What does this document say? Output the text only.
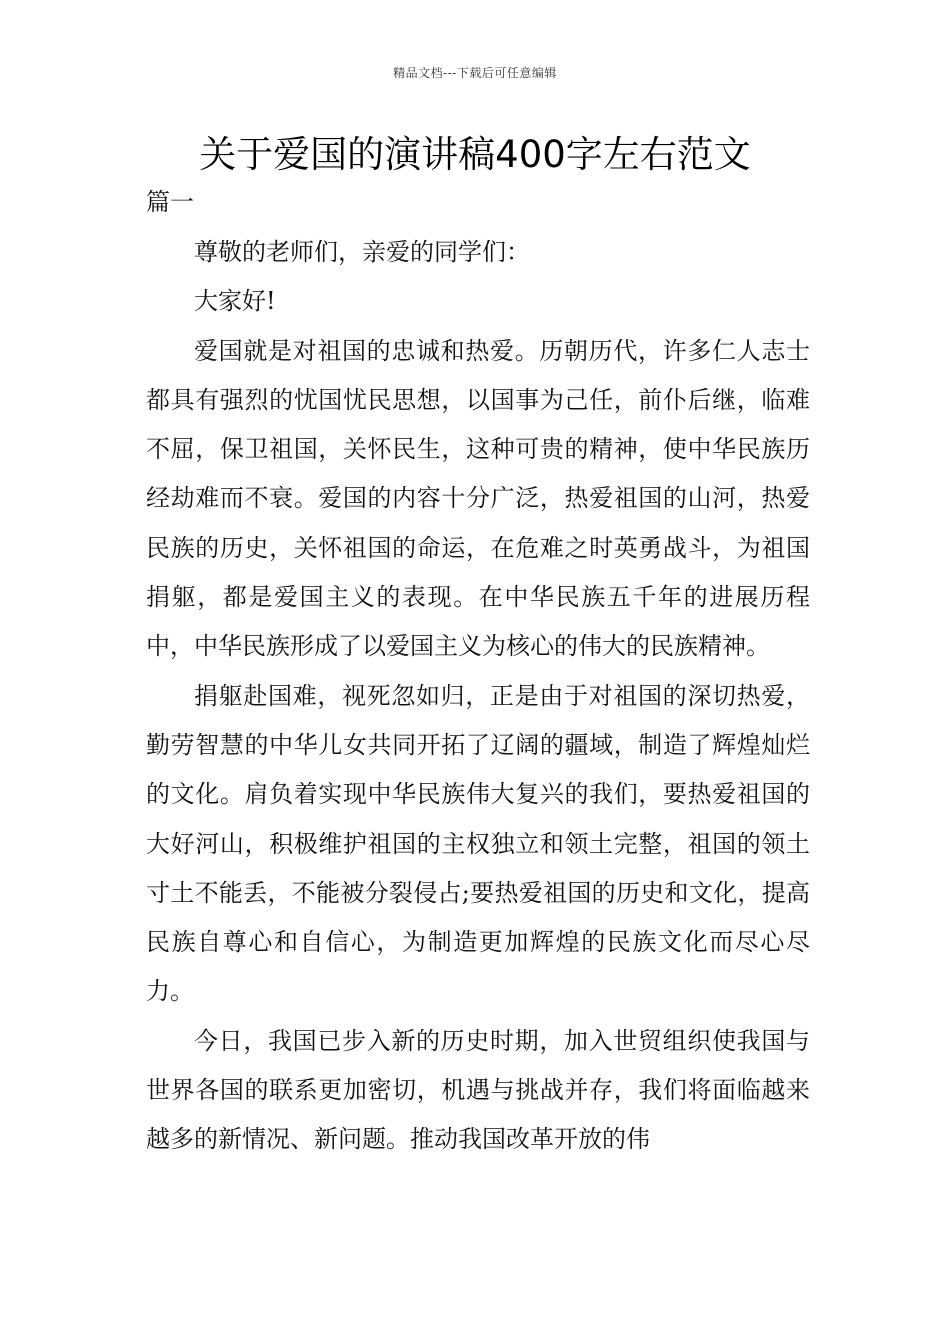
精品文档---下载后可任意编辑
关于爱国的演讲稿400字左右范文
篇一

尊敬的老师们，亲爱的同学们：

大家好!

爱国就是对祖国的忠诚和热爱。历朝历代，许多仁人志士都具有强烈的忧国忧民思想，以国事为己任，前仆后继，临难不屈，保卫祖国，关怀民生，这种可贵的精神，使中华民族历经劫难而不衰。爱国的内容十分广泛，热爱祖国的山河，热爱民族的历史，关怀祖国的命运，在危难之时英勇战斗，为祖国捐躯，都是爱国主义的表现。在中华民族五千年的进展历程中，中华民族形成了以爱国主义为核心的伟大的民族精神。

捐躯赴国难，视死忽如归，正是由于对祖国的深切热爱，勤劳智慧的中华儿女共同开拓了辽阔的疆域，制造了辉煌灿烂的文化。肩负着实现中华民族伟大复兴的我们，要热爱祖国的大好河山，积极维护祖国的主权独立和领土完整，祖国的领土寸土不能丢，不能被分裂侵占;要热爱祖国的历史和文化，提高民族自尊心和自信心，为制造更加辉煌的民族文化而尽心尽力。

今日，我国已步入新的历史时期，加入世贸组织使我国与世界各国的联系更加密切，机遇与挑战并存，我们将面临越来越多的新情况、新问题。推动我国改革开放的伟
